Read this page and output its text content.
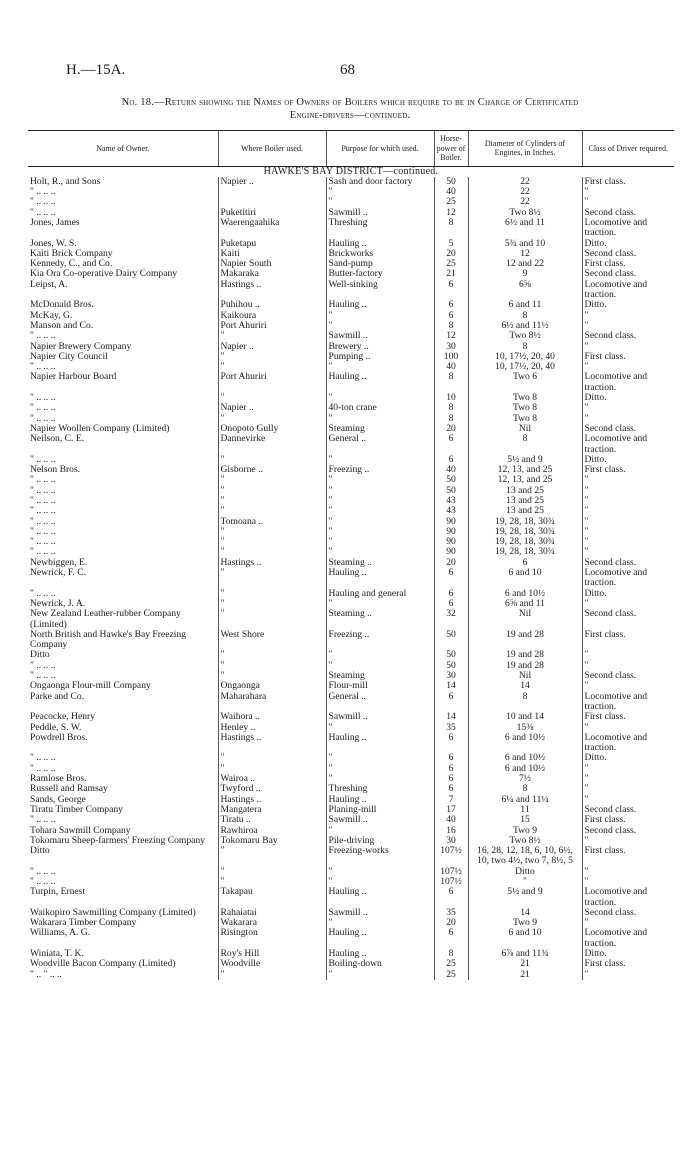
H.—15A.	68
No. 18.—Return showing the Names of Owners of Boilers which require to be in Charge of Certificated
Engine-drivers—continued.
Name of Owner.	Where Boiler used.	Purpose for which used.	Horse-power of Boiler.	Diameter of Cylinders of Engines, in Inches.	Class of Driver required.
HAWKE'S BAY DISTRICT—continued.					
Holt, R., and Sons	Napier ..	Sash and door factory	50	22	First class.
" .. .. ..		"	40	22	"
" .. .. ..		"	25	22	"
" .. .. ..	Puketitiri	Sawmill ..	12	Two 8½	Second class.
Jones, James	Waerengaahika	Threshing	8	6½ and 11	Locomotive and traction.
Jones, W. S.	Puketapu	Hauling ..	5	5¾ and 10	Ditto.
Kaiti Brick Company	Kaiti	Brickworks	20	12	Second class.
Kennedy, C., and Co.	Napier South	Sand-pump	25	12 and 22	First class.
Kia Ora Co-operative Dairy Company	Makaraka	Butter-factory	21	9	Second class.
Leipst, A.	Hastings ..	Well-sinking	6	6⅝	Locomotive and traction.
McDonald Bros.	Puhihou ..	Hauling ..	6	6 and 11	Ditto.
McKay, G.	Kaikoura	"	6	8	"
Manson and Co.	Port Ahuriri	"	8	6½ and 11½	"
" .. .. ..	"	Sawmill ..	12	Two 8½	Second class.
Napier Brewery Company	Napier ..	Brewery ..	30	8	"
Napier City Council	"	Pumping ..	100	10, 17½, 20, 40	First class.
" .. .. ..	"	"	40	10, 17½, 20, 40	"
Napier Harbour Board	Port Ahuriri	Hauling ..	8	Two 6	Locomotive and traction.
" .. .. ..	"	"	10	Two 8	Ditto.
" .. .. ..	Napier ..	40-ton crane	8	Two 8	"
" .. .. ..	"	"	8	Two 8	"
Napier Woollen Company (Limited)	Onopoto Gully	Steaming	20	Nil	Second class.
Neilson, C. E.	Dannevirke	General ..	6	8	Locomotive and traction.
" .. .. ..	"	"	6	5½ and 9	Ditto.
Nelson Bros.	Gisborne ..	Freezing ..	40	12, 13, and 25	First class.
" .. .. ..	"	"	50	12, 13, and 25	"
" .. .. ..	"	"	50	13 and 25	"
" .. .. ..	"	"	43	13 and 25	"
" .. .. ..	"	"	43	13 and 25	"
" .. .. ..	Tomoana ..	"	90	19, 28, 18, 30¾	"
" .. .. ..	"	"	90	19, 28, 18, 30¾	"
" .. .. ..	"	"	90	19, 28, 18, 30¾	"
" .. .. ..	"	"	90	19, 28, 18, 30¾	"
Newbiggen, E.	Hastings ..	Steaming ..	20	6	Second class.
Newrick, F. C.	"	Hauling ..	6	6 and 10	Locomotive and traction.
" .. .. ..	"	Hauling and general	6	6 and 10½	Ditto.
Newrick, J. A.	"	"	6	6⅝ and 11	"
New Zealand Leather-rubber Company (Limited)	"	Steaming ..	32	Nil	Second class.
North British and Hawke's Bay Freezing Company	West Shore	Freezing ..	50	19 and 28	First class.
Ditto	"	"	50	19 and 28	"
" .. .. ..	"	"	50	19 and 28	"
" .. .. ..	"	Steaming	30	Nil	Second class.
Ongaonga Flour-mill Company	Ongaonga	Flour-mill	14	14	"
Parke and Co.	Maharahara	General ..	6	8	Locomotive and traction.
Peacocke, Henry	Waihora ..	Sawmill ..	14	10 and 14	First class.
Peddle, S. W.	Henley ..	"	35	15⅜	"
Powdrell Bros.	Hastings ..	Hauling ..	6	6 and 10½	Locomotive and traction.
" .. .. ..	"	"	6	6 and 10½	Ditto.
" .. .. ..	"	"	6	6 and 10½	"
Ramlose Bros.	Wairoa ..	"	6	7½	"
Russell and Ramsay	Twyford ..	Threshing	6	8	"
Sands, George	Hastings ..	Hauling ..	7	6¼ and 11¼	"
Tiratu Timber Company	Mangatera	Planing-mill	17	11	Second class.
" .. .. ..	Tiratu ..	Sawmill ..	40	15	First class.
Tohara Sawmill Company	Rawhiroa	"	16	Two 9	Second class.
Tokomaru Sheep-farmers' Freezing Company	Tokomaru Bay	Pile-driving	30	Two 8½	"
Ditto	"	Freezing-works	107½	16, 28, 12, 18, 6, 10, 6½, 10, two 4½, two 7, 8½, 5	First class.
" .. .. ..	"	"	107½	Ditto	"
" .. .. ..	"	"	107½	"	"
Turpin, Ernest	Takapau	Hauling ..	6	5½ and 9	Locomotive and traction.
Waikopiro Sawmilling Company (Limited)	Rahaiatai	Sawmill ..	35	14	Second class.
Wakarara Timber Company	Wakarara	"	20	Two 9	"
Williams, A. G.	Risington	Hauling ..	6	6 and 10	Locomotive and traction.
Winiata, T. K.	Roy's Hill	Hauling ..	8	6⅞ and 11¾	Ditto.
Woodville Bacon Company (Limited)	Woodville	Boiling-down	25	21	First class.
" .. " .. ..	"	"	25	21	"
